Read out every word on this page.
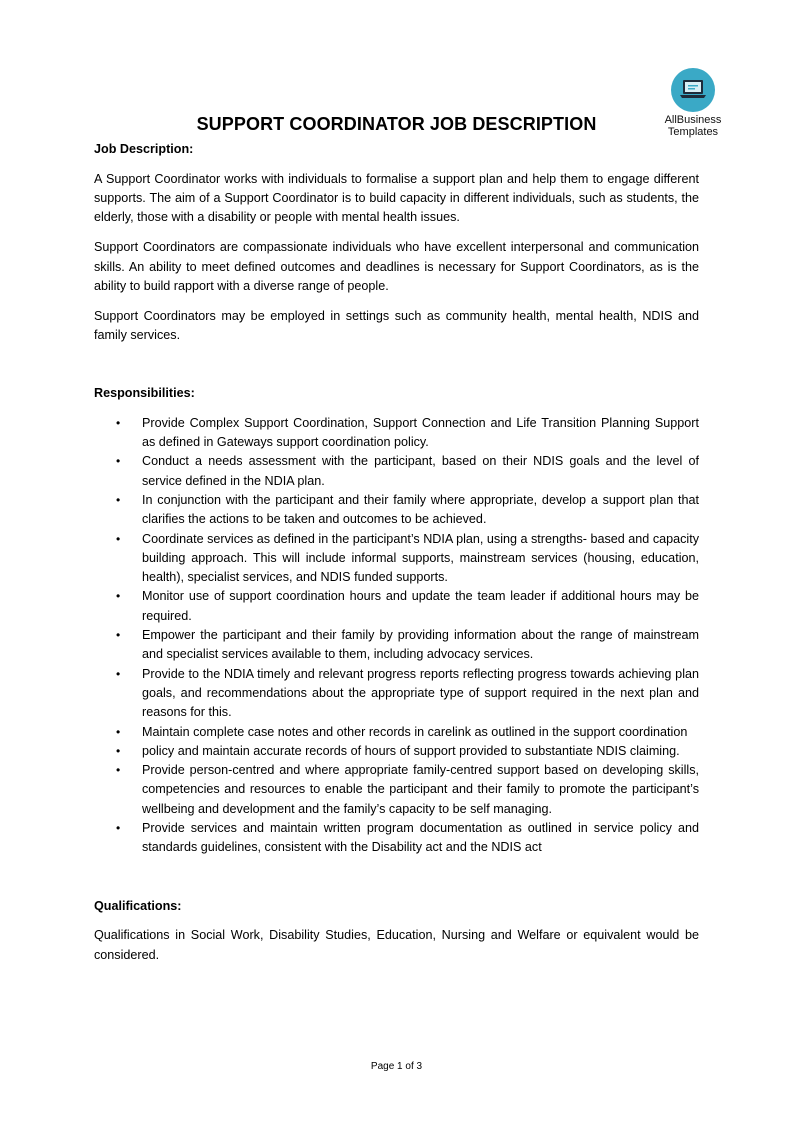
AllBusiness
Templates
SUPPORT COORDINATOR JOB DESCRIPTION
Job Description:

A Support Coordinator works with individuals to formalise a support plan and help them to engage different supports. The aim of a Support Coordinator is to build capacity in different individuals, such as students, the elderly, those with a disability or people with mental health issues.

Support Coordinators are compassionate individuals who have excellent interpersonal and communication skills. An ability to meet defined outcomes and deadlines is necessary for Support Coordinators, as is the ability to build rapport with a diverse range of people.

Support Coordinators may be employed in settings such as community health, mental health, NDIS and family services.

Responsibilities:
• Provide Complex Support Coordination, Support Connection and Life Transition Planning Support as defined in Gateways support coordination policy.
• Conduct a needs assessment with the participant, based on their NDIS goals and the level of service defined in the NDIA plan.
• In conjunction with the participant and their family where appropriate, develop a support plan that clarifies the actions to be taken and outcomes to be achieved.
• Coordinate services as defined in the participant’s NDIA plan, using a strengths- based and capacity building approach. This will include informal supports, mainstream services (housing, education, health), specialist services, and NDIS funded supports.
• Monitor use of support coordination hours and update the team leader if additional hours may be required.
• Empower the participant and their family by providing information about the range of mainstream and specialist services available to them, including advocacy services.
• Provide to the NDIA timely and relevant progress reports reflecting progress towards achieving plan goals, and recommendations about the appropriate type of support required in the next plan and reasons for this.
• Maintain complete case notes and other records in carelink as outlined in the support coordination
• policy and maintain accurate records of hours of support provided to substantiate NDIS claiming.
• Provide person-centred and where appropriate family-centred support based on developing skills, competencies and resources to enable the participant and their family to promote the participant’s wellbeing and development and the family’s capacity to be self managing.
• Provide services and maintain written program documentation as outlined in service policy and standards guidelines, consistent with the Disability act and the NDIS act
Qualifications:

Qualifications in Social Work, Disability Studies, Education, Nursing and Welfare or equivalent would be considered.

Page 1 of 3
